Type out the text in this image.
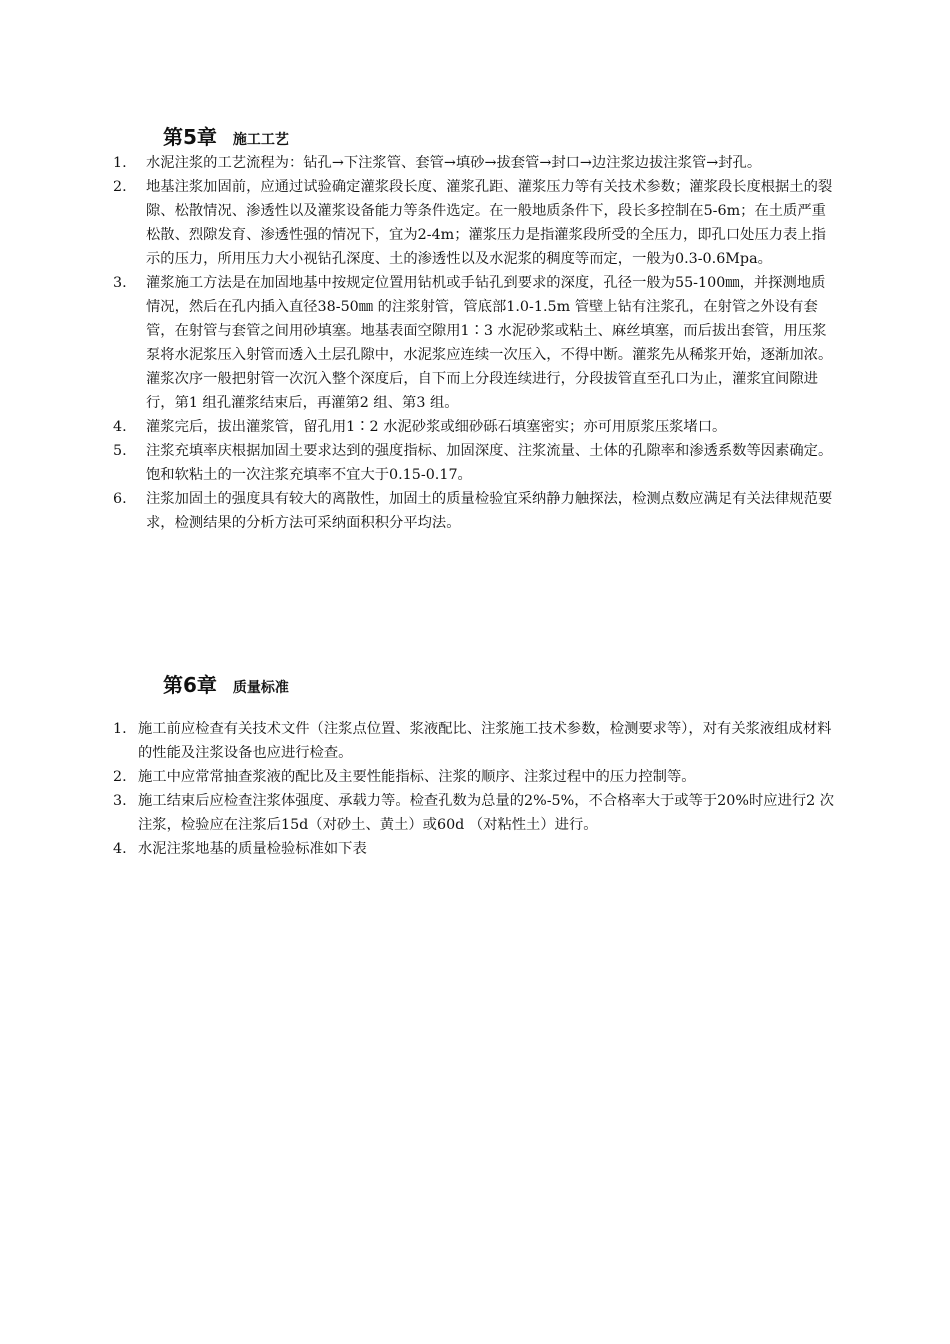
第5章 施工工艺
1. 水泥注浆的工艺流程为：钻孔→下注浆管、套管→填砂→拔套管→封口→边注浆边拔注浆管→封孔。
2. 地基注浆加固前，应通过试验确定灌浆段长度、灌浆孔距、灌浆压力等有关技术参数；灌浆段长度根据土的裂隙、松散情况、渗透性以及灌浆设备能力等条件选定。在一般地质条件下，段长多控制在5-6m；在土质严重松散、烈隙发育、渗透性强的情况下，宜为2-4m；灌浆压力是指灌浆段所受的全压力，即孔口处压力表上指示的压力，所用压力大小视钻孔深度、土的渗透性以及水泥浆的稠度等而定，一般为0.3-0.6Mpa。
3. 灌浆施工方法是在加固地基中按规定位置用钻机或手钻孔到要求的深度，孔径一般为55-100㎜，并探测地质情况，然后在孔内插入直径38-50㎜ 的注浆射管，管底部1.0-1.5m 管壁上钻有注浆孔，在射管之外设有套管，在射管与套管之间用砂填塞。地基表面空隙用1∶3 水泥砂浆或粘土、麻丝填塞，而后拔出套管，用压浆泵将水泥浆压入射管而透入土层孔隙中，水泥浆应连续一次压入，不得中断。灌浆先从稀浆开始，逐渐加浓。灌浆次序一般把射管一次沉入整个深度后，自下而上分段连续进行，分段拔管直至孔口为止，灌浆宜间隙进行，第1 组孔灌浆结束后，再灌第2 组、第3 组。
4. 灌浆完后，拔出灌浆管，留孔用1∶2 水泥砂浆或细砂砾石填塞密实；亦可用原浆压浆堵口。
5. 注浆充填率庆根据加固土要求达到的强度指标、加固深度、注浆流量、土体的孔隙率和渗透系数等因素确定。饱和软粘土的一次注浆充填率不宜大于0.15-0.17。
6. 注浆加固土的强度具有较大的离散性，加固土的质量检验宜采纳静力触探法，检测点数应满足有关法律规范要求，检测结果的分析方法可采纳面积积分平均法。
第6章 质量标准
1. 施工前应检查有关技术文件（注浆点位置、浆液配比、注浆施工技术参数，检测要求等），对有关浆液组成材料的性能及注浆设备也应进行检查。
2. 施工中应常常抽查浆液的配比及主要性能指标、注浆的顺序、注浆过程中的压力控制等。
3. 施工结束后应检查注浆体强度、承载力等。检查孔数为总量的2%-5%，不合格率大于或等于20%时应进行2 次注浆，检验应在注浆后15d（对砂土、黄土）或60d （对粘性土）进行。
4. 水泥注浆地基的质量检验标准如下表
